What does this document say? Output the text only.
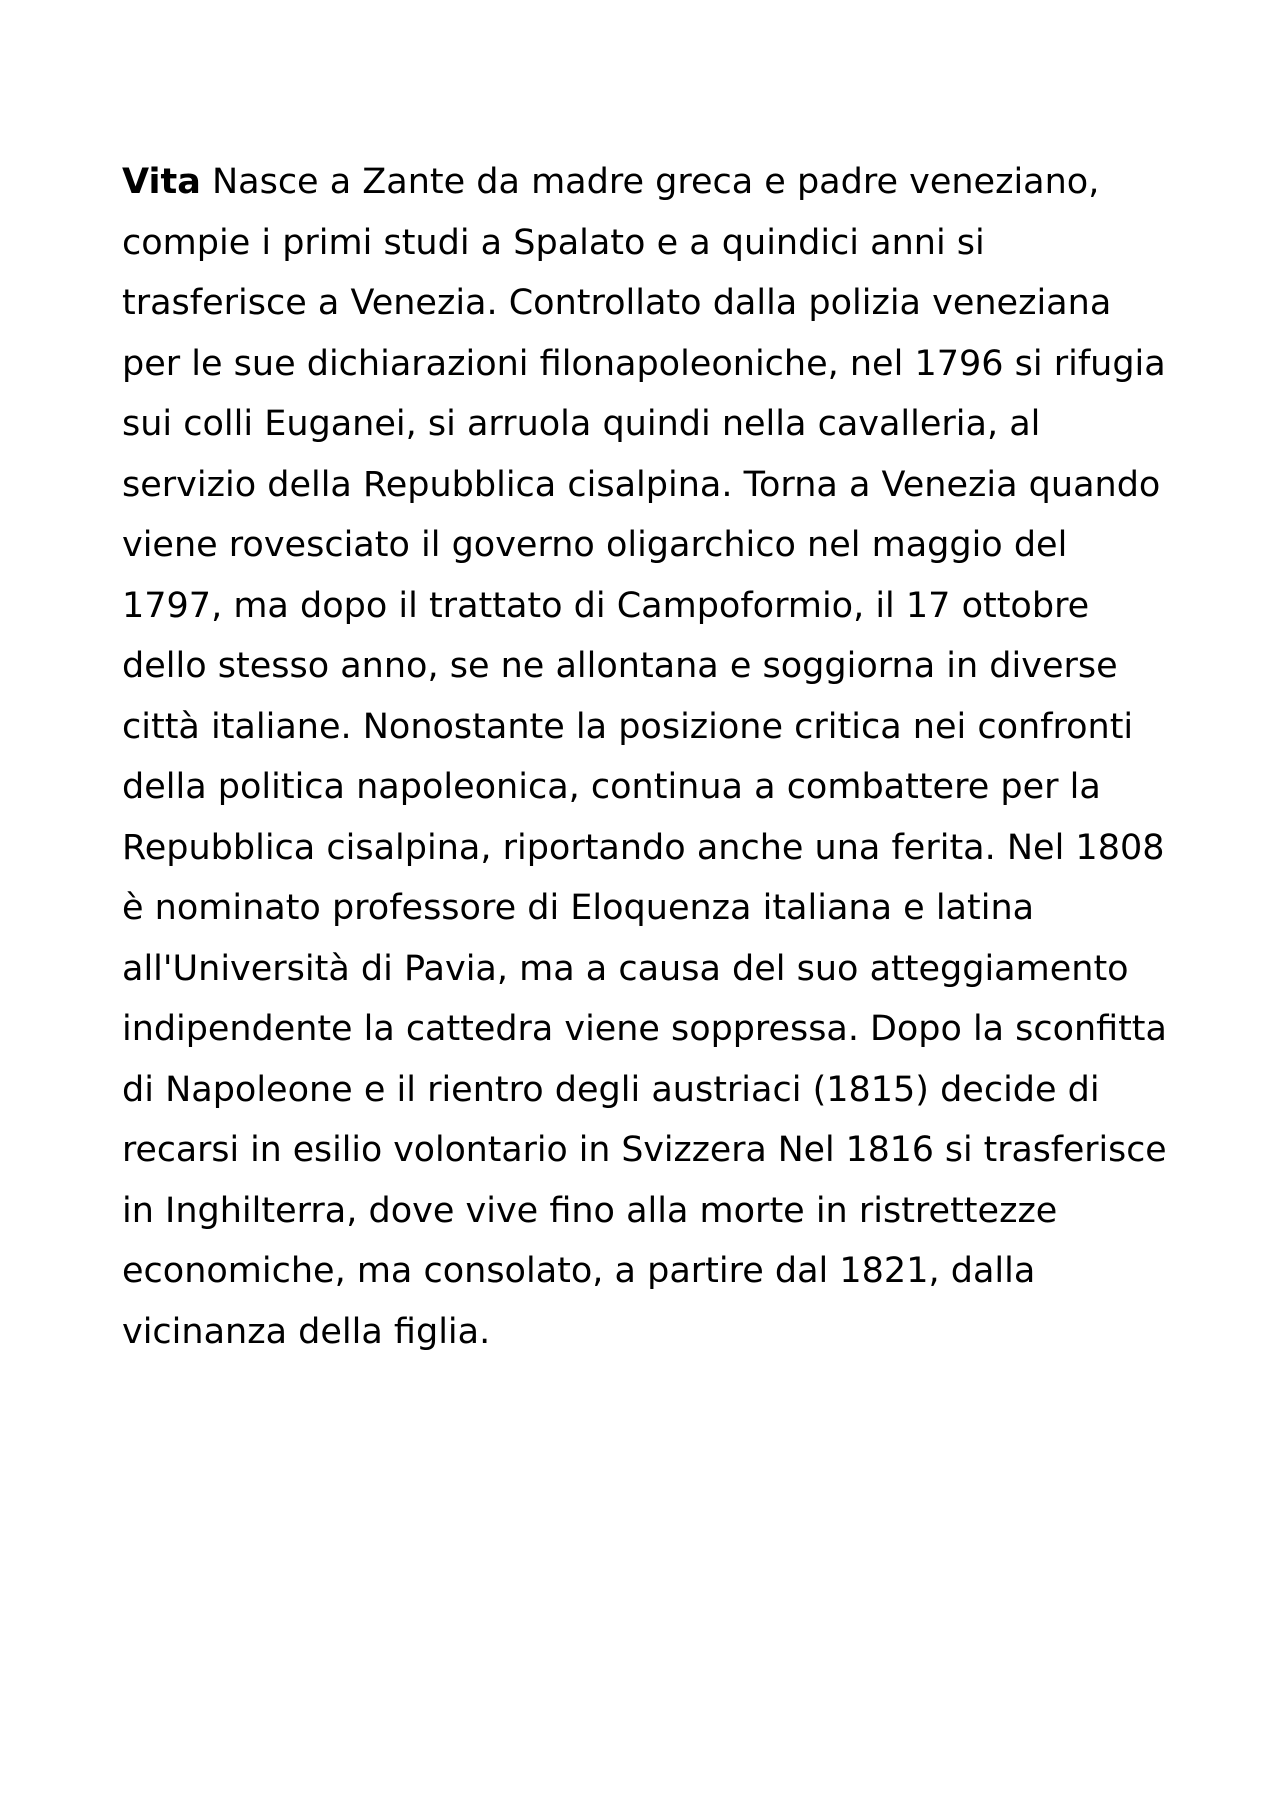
Vita Nasce a Zante da madre greca e padre veneziano,
compie i primi studi a Spalato e a quindici anni si
trasferisce a Venezia. Controllato dalla polizia veneziana
per le sue dichiarazioni filonapoleoniche, nel 1796 si rifugia
sui colli Euganei, si arruola quindi nella cavalleria, al
servizio della Repubblica cisalpina. Torna a Venezia quando
viene rovesciato il governo oligarchico nel maggio del
1797, ma dopo il trattato di Campoformio, il 17 ottobre
dello stesso anno, se ne allontana e soggiorna in diverse
città italiane. Nonostante la posizione critica nei confronti
della politica napoleonica, continua a combattere per la
Repubblica cisalpina, riportando anche una ferita. Nel 1808
è nominato professore di Eloquenza italiana e latina
all'Università di Pavia, ma a causa del suo atteggiamento
indipendente la cattedra viene soppressa. Dopo la sconfitta
di Napoleone e il rientro degli austriaci (1815) decide di
recarsi in esilio volontario in Svizzera Nel 1816 si trasferisce
in Inghilterra, dove vive fino alla morte in ristrettezze
economiche, ma consolato, a partire dal 1821, dalla
vicinanza della figlia.
